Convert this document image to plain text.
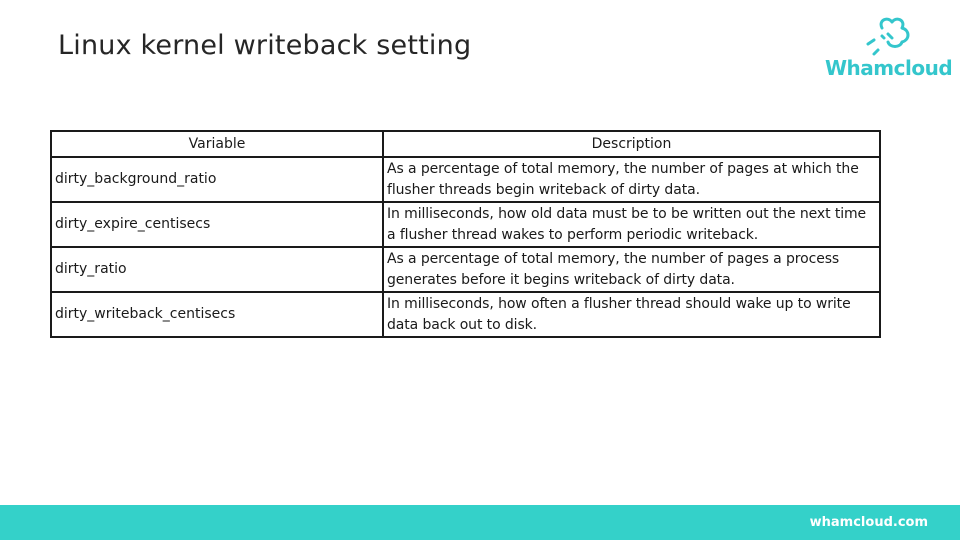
Linux kernel writeback setting
Whamcloud
Variable	Description
dirty_background_ratio	As a percentage of total memory, the number of pages at which the flusher threads begin writeback of dirty data.
dirty_expire_centisecs	In milliseconds, how old data must be to be written out the next time a flusher thread wakes to perform periodic writeback.
dirty_ratio	As a percentage of total memory, the number of pages a process generates before it begins writeback of dirty data.
dirty_writeback_centisecs	In milliseconds, how often a flusher thread should wake up to write data back out to disk.
whamcloud.com
